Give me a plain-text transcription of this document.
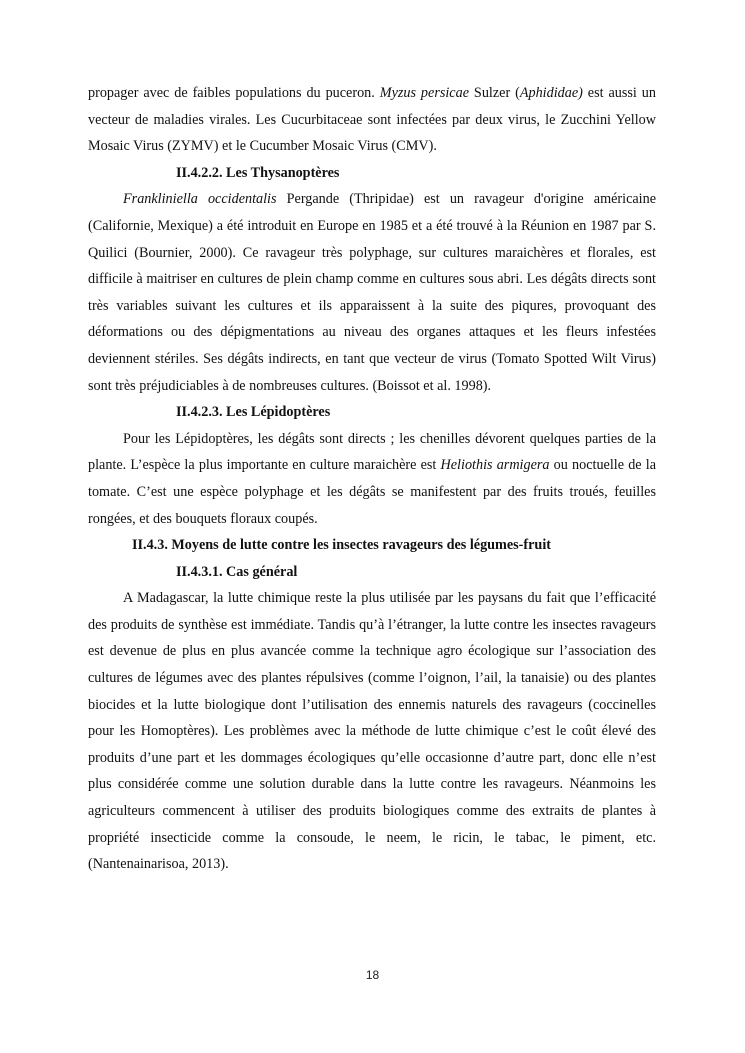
propager avec de faibles populations du puceron. Myzus persicae Sulzer (Aphididae) est aussi un vecteur de maladies virales. Les Cucurbitaceae sont infectées par deux virus, le Zucchini Yellow Mosaic Virus (ZYMV) et le Cucumber Mosaic Virus (CMV).

II.4.2.2. Les Thysanoptères

Frankliniella occidentalis Pergande (Thripidae) est un ravageur d'origine américaine (Californie, Mexique) a été introduit en Europe en 1985 et a été trouvé à la Réunion en 1987 par S. Quilici (Bournier, 2000). Ce ravageur très polyphage, sur cultures maraichères et florales, est difficile à maitriser en cultures de plein champ comme en cultures sous abri. Les dégâts directs sont très variables suivant les cultures et ils apparaissent à la suite des piqures, provoquant des déformations ou des dépigmentations au niveau des organes attaques et les fleurs infestées deviennent stériles. Ses dégâts indirects, en tant que vecteur de virus (Tomato Spotted Wilt Virus) sont très préjudiciables à de nombreuses cultures. (Boissot et al. 1998).

II.4.2.3. Les Lépidoptères

Pour les Lépidoptères, les dégâts sont directs ; les chenilles dévorent quelques parties de la plante. L’espèce la plus importante en culture maraichère est Heliothis armigera ou noctuelle de la tomate. C’est une espèce polyphage et les dégâts se manifestent par des fruits troués, feuilles rongées, et des bouquets floraux coupés.

II.4.3. Moyens de lutte contre les insectes ravageurs des légumes-fruit
II.4.3.1. Cas général

A Madagascar, la lutte chimique reste la plus utilisée par les paysans du fait que l’efficacité des produits de synthèse est immédiate. Tandis qu’à l’étranger, la lutte contre les insectes ravageurs est devenue de plus en plus avancée comme la technique agro écologique sur l’association des cultures de légumes avec des plantes répulsives (comme l’oignon, l’ail, la tanaisie) ou des plantes biocides et la lutte biologique dont l’utilisation des ennemis naturels des ravageurs (coccinelles pour les Homoptères). Les problèmes avec la méthode de lutte chimique c’est le coût élevé des produits d’une part et les dommages écologiques qu’elle occasionne d’autre part, donc elle n’est plus considérée comme une solution durable dans la lutte contre les ravageurs. Néanmoins les agriculteurs commencent à utiliser des produits biologiques comme des extraits de plantes à propriété insecticide comme la consoude, le neem, le ricin, le tabac, le piment, etc. (Nantenainarisoa, 2013).

18
